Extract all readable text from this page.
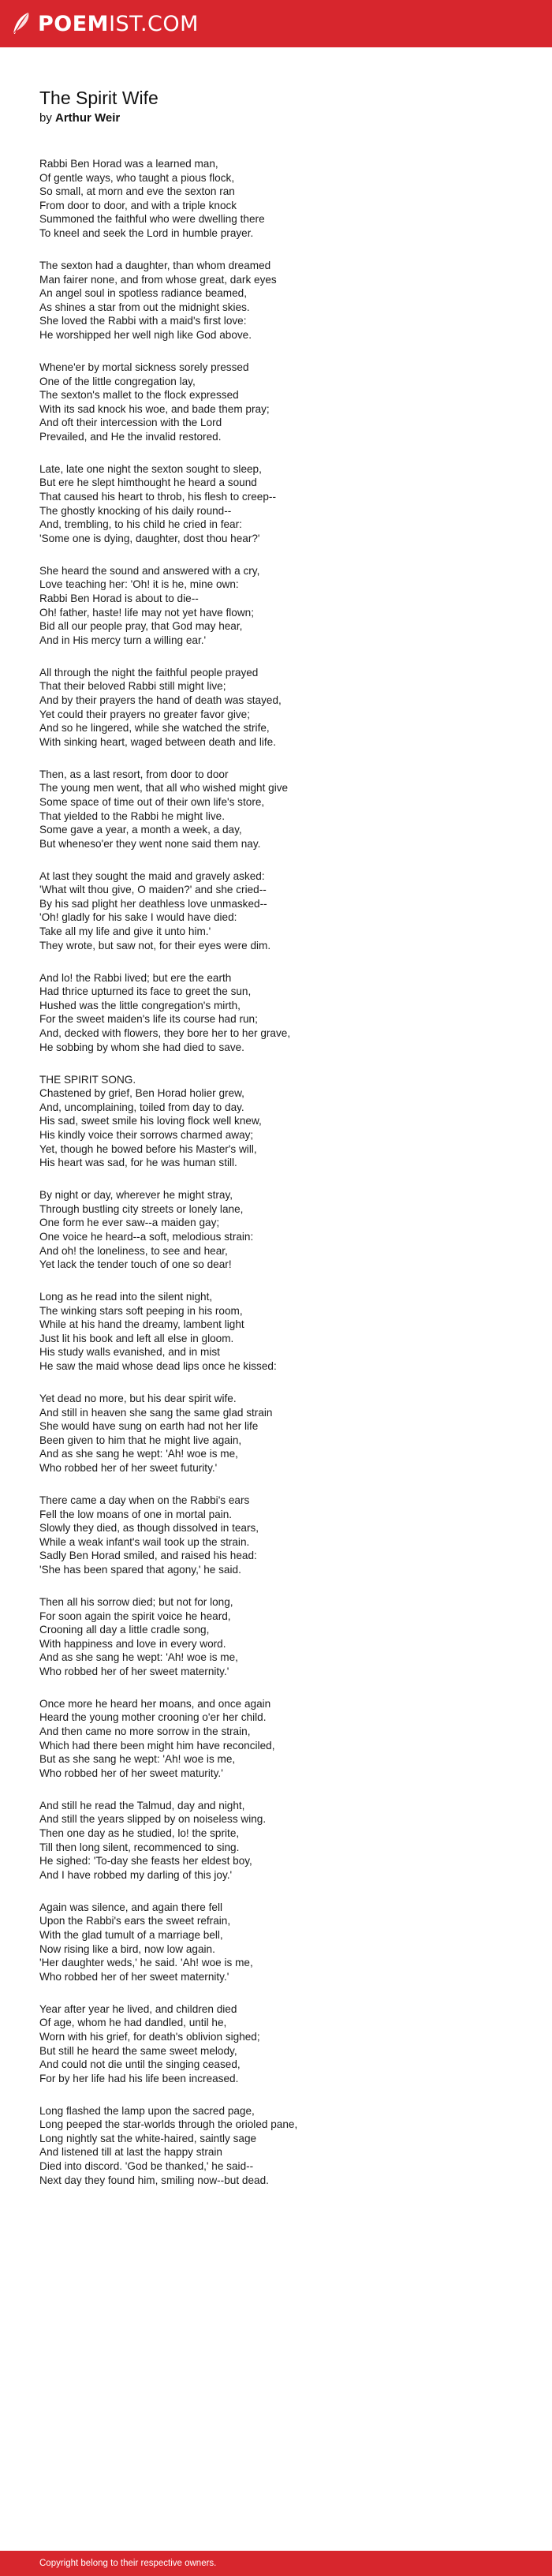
POEMIST.COM
The Spirit Wife
by Arthur Weir
Rabbi Ben Horad was a learned man,
Of gentle ways, who taught a pious flock,
So small, at morn and eve the sexton ran
From door to door, and with a triple knock
Summoned the faithful who were dwelling there
To kneel and seek the Lord in humble prayer.
The sexton had a daughter, than whom dreamed
Man fairer none, and from whose great, dark eyes
An angel soul in spotless radiance beamed,
As shines a star from out the midnight skies.
She loved the Rabbi with a maid's first love:
He worshipped her well nigh like God above.
Whene'er by mortal sickness sorely pressed
One of the little congregation lay,
The sexton's mallet to the flock expressed
With its sad knock his woe, and bade them pray;
And oft their intercession with the Lord
Prevailed, and He the invalid restored.
Late, late one night the sexton sought to sleep,
But ere he slept himthought he heard a sound
That caused his heart to throb, his flesh to creep--
The ghostly knocking of his daily round--
And, trembling, to his child he cried in fear:
'Some one is dying, daughter, dost thou hear?'
She heard the sound and answered with a cry,
Love teaching her: 'Oh! it is he, mine own:
Rabbi Ben Horad is about to die--
Oh! father, haste! life may not yet have flown;
Bid all our people pray, that God may hear,
And in His mercy turn a willing ear.'
All through the night the faithful people prayed
That their beloved Rabbi still might live;
And by their prayers the hand of death was stayed,
Yet could their prayers no greater favor give;
And so he lingered, while she watched the strife,
With sinking heart, waged between death and life.
Then, as a last resort, from door to door
The young men went, that all who wished might give
Some space of time out of their own life's store,
That yielded to the Rabbi he might live.
Some gave a year, a month a week, a day,
But wheneso'er they went none said them nay.
At last they sought the maid and gravely asked:
'What wilt thou give, O maiden?' and she cried--
By his sad plight her deathless love unmasked--
'Oh! gladly for his sake I would have died:
Take all my life and give it unto him.'
They wrote, but saw not, for their eyes were dim.
And lo! the Rabbi lived; but ere the earth
Had thrice upturned its face to greet the sun,
Hushed was the little congregation's mirth,
For the sweet maiden's life its course had run;
And, decked with flowers, they bore her to her grave,
He sobbing by whom she had died to save.
THE SPIRIT SONG.
Chastened by grief, Ben Horad holier grew,
And, uncomplaining, toiled from day to day.
His sad, sweet smile his loving flock well knew,
His kindly voice their sorrows charmed away;
Yet, though he bowed before his Master's will,
His heart was sad, for he was human still.
By night or day, wherever he might stray,
Through bustling city streets or lonely lane,
One form he ever saw--a maiden gay;
One voice he heard--a soft, melodious strain:
And oh! the loneliness, to see and hear,
Yet lack the tender touch of one so dear!
Long as he read into the silent night,
The winking stars soft peeping in his room,
While at his hand the dreamy, lambent light
Just lit his book and left all else in gloom.
His study walls evanished, and in mist
He saw the maid whose dead lips once he kissed:
Yet dead no more, but his dear spirit wife.
And still in heaven she sang the same glad strain
She would have sung on earth had not her life
Been given to him that he might live again,
And as she sang he wept: 'Ah! woe is me,
Who robbed her of her sweet futurity.'
There came a day when on the Rabbi's ears
Fell the low moans of one in mortal pain.
Slowly they died, as though dissolved in tears,
While a weak infant's wail took up the strain.
Sadly Ben Horad smiled, and raised his head:
'She has been spared that agony,' he said.
Then all his sorrow died; but not for long,
For soon again the spirit voice he heard,
Crooning all day a little cradle song,
With happiness and love in every word.
And as she sang he wept: 'Ah! woe is me,
Who robbed her of her sweet maternity.'
Once more he heard her moans, and once again
Heard the young mother crooning o'er her child.
And then came no more sorrow in the strain,
Which had there been might him have reconciled,
But as she sang he wept: 'Ah! woe is me,
Who robbed her of her sweet maturity.'
And still he read the Talmud, day and night,
And still the years slipped by on noiseless wing.
Then one day as he studied, lo! the sprite,
Till then long silent, recommenced to sing.
He sighed: 'To-day she feasts her eldest boy,
And I have robbed my darling of this joy.'
Again was silence, and again there fell
Upon the Rabbi's ears the sweet refrain,
With the glad tumult of a marriage bell,
Now rising like a bird, now low again.
'Her daughter weds,' he said. 'Ah! woe is me,
Who robbed her of her sweet maternity.'
Year after year he lived, and children died
Of age, whom he had dandled, until he,
Worn with his grief, for death's oblivion sighed;
But still he heard the same sweet melody,
And could not die until the singing ceased,
For by her life had his life been increased.
Long flashed the lamp upon the sacred page,
Long peeped the star-worlds through the orioled pane,
Long nightly sat the white-haired, saintly sage
And listened till at last the happy strain
Died into discord. 'God be thanked,' he said--
Next day they found him, smiling now--but dead.
Copyright belong to their respective owners.
